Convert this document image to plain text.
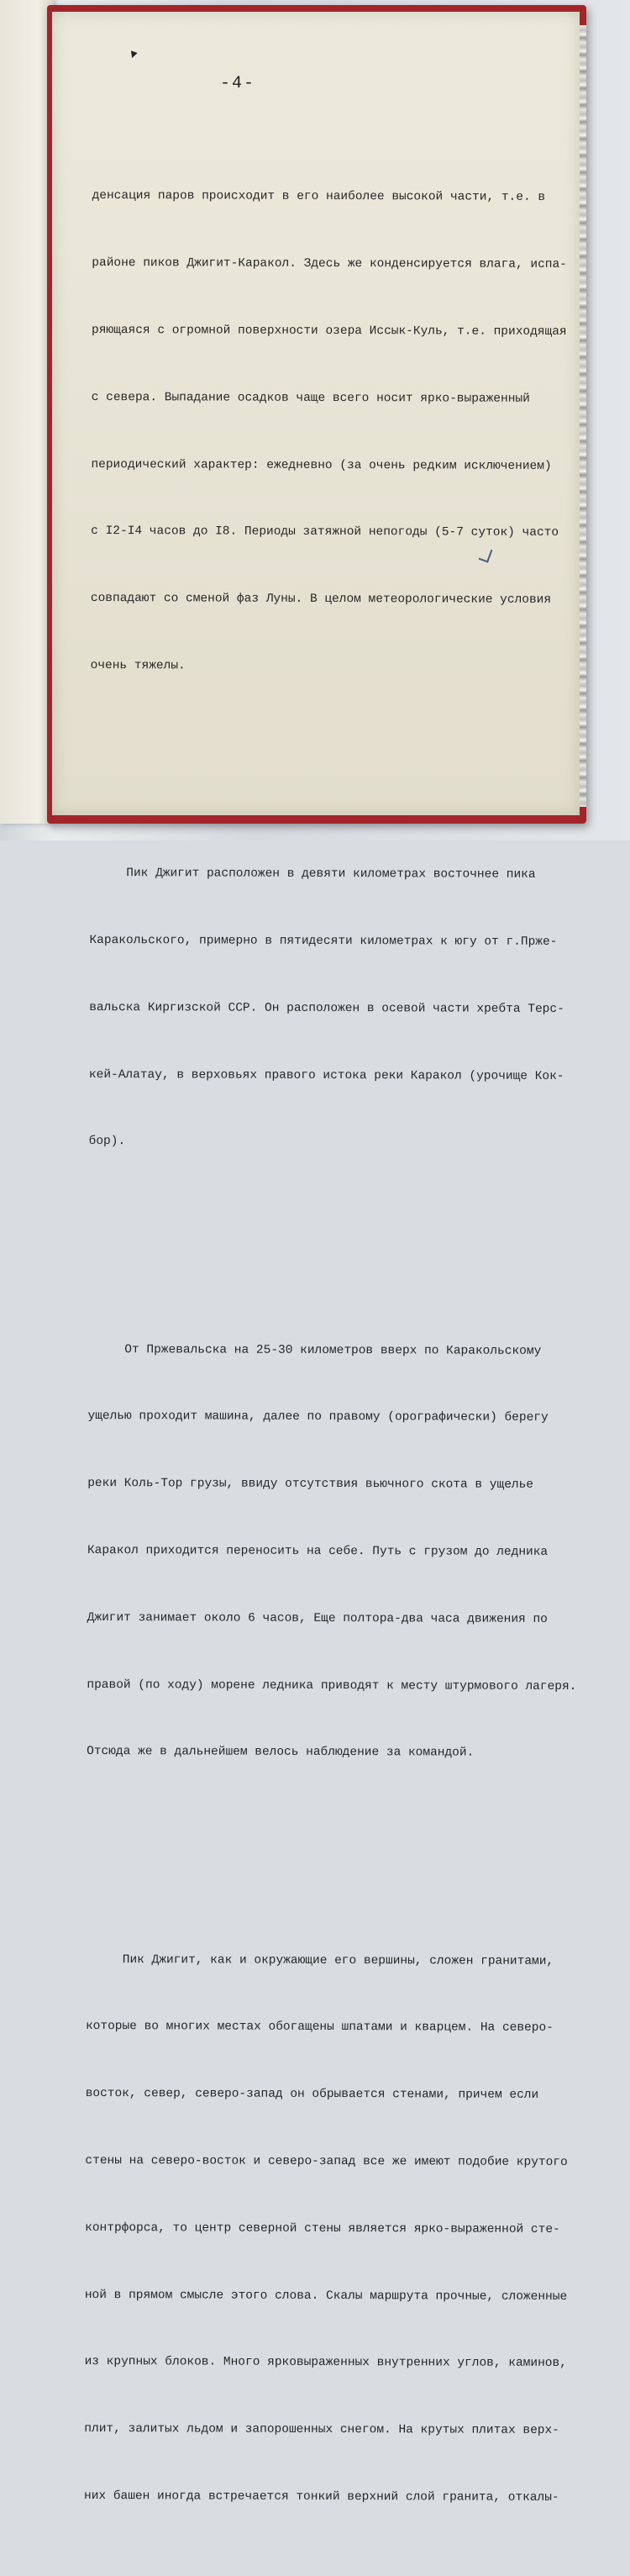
▼
-4-

денсация паров происходит в его наиболее высокой части, т.е. в

районе пиков Джигит-Каракол. Здесь же конденсируется влага, испа-

ряющаяся с огромной поверхности озера Иссык-Куль, т.е. приходящая

с севера. Выпадание осадков чаще всего носит ярко-выраженный

периодический характер: ежедневно (за очень редким исключением)

с I2-I4 часов до I8. Периоды затяжной непогоды (5-7 суток) часто

совпадают со сменой фаз Луны. В целом метеорологические условия

очень тяжелы.

Пик Джигит расположен в девяти километрах восточнее пика

Каракольского, примерно в пятидесяти километрах к югу от г.Прже-

вальска Киргизской ССР. Он расположен в осевой части хребта Терс-

кей-Алатау, в верховьях правого истока реки Каракол (урочище Кок-

бор).

От Пржевальска на 25-30 километров вверх по Каракольскому

ущелью проходит машина, далее по правому (орографически) берегу

реки Коль-Тор грузы, ввиду отсутствия вьючного скота в ущелье

Каракол приходится переносить на себе. Путь с грузом до ледника

Джигит занимает около 6 часов, Еще полтора-два часа движения по

правой (по ходу) морене ледника приводят к месту штурмового лагеря.

Отсюда же в дальнейшем велось наблюдение за командой.

Пик Джигит, как и окружающие его вершины, сложен гранитами,

которые во многих местах обогащены шпатами и кварцем. На северо-

восток, север, северо-запад он обрывается стенами, причем если

стены на северо-восток и северо-запад все же имеют подобие крутого

контрфорса, то центр северной стены является ярко-выраженной сте-

ной в прямом смысле этого слова. Скалы маршрута прочные, сложенные

из крупных блоков. Много ярковыраженных внутренних углов, каминов,

плит, залитых льдом и запорошенных снегом. На крутых плитах верх-

них башен иногда встречается тонкий верхний слой гранита, откалы-
